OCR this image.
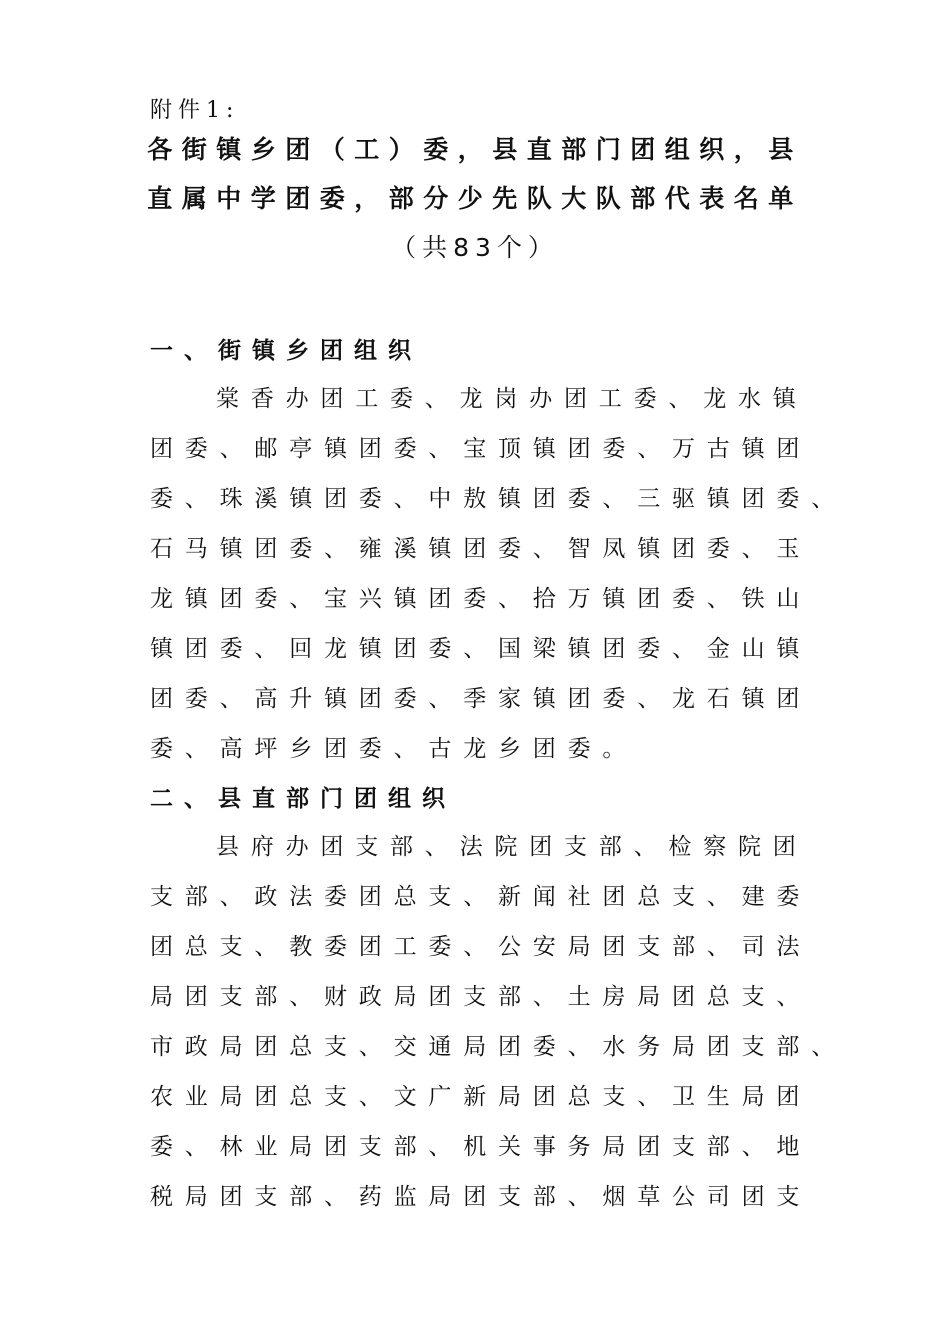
附件1:
各街镇乡团（工）委，县直部门团组织，县
直属中学团委，部分少先队大队部代表名单
（共83个）
一、街镇乡团组织
棠香办团工委、龙岗办团工委、龙水镇
团委、邮亭镇团委、宝顶镇团委、万古镇团
委、珠溪镇团委、中敖镇团委、三驱镇团委、
石马镇团委、雍溪镇团委、智凤镇团委、玉
龙镇团委、宝兴镇团委、拾万镇团委、铁山
镇团委、回龙镇团委、国梁镇团委、金山镇
团委、高升镇团委、季家镇团委、龙石镇团
委、高坪乡团委、古龙乡团委。
二、县直部门团组织
县府办团支部、法院团支部、检察院团
支部、政法委团总支、新闻社团总支、建委
团总支、教委团工委、公安局团支部、司法
局团支部、财政局团支部、土房局团总支、
市政局团总支、交通局团委、水务局团支部、
农业局团总支、文广新局团总支、卫生局团
委、林业局团支部、机关事务局团支部、地
税局团支部、药监局团支部、烟草公司团支
